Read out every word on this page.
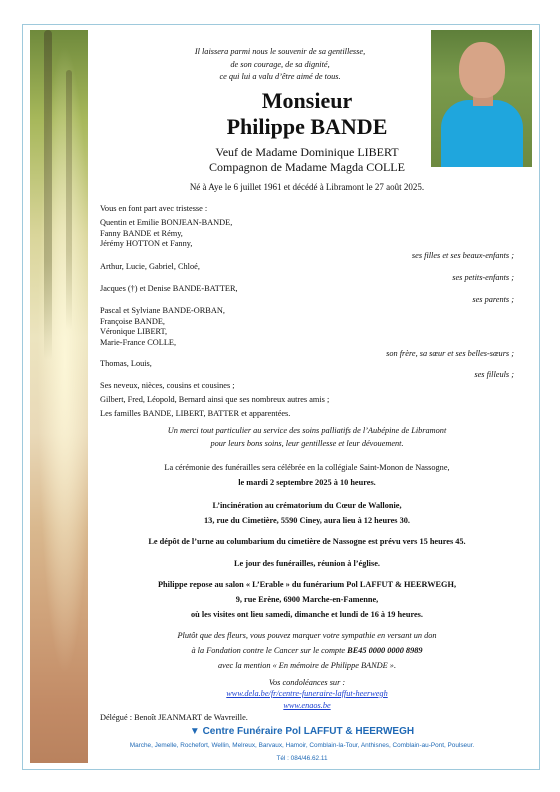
Il laissera parmi nous le souvenir de sa gentillesse,
de son courage, de sa dignité,
ce qui lui a valu d’être aimé de tous.
Monsieur
Philippe BANDE
Veuf de Madame Dominique LIBERT
Compagnon de Madame Magda COLLE
Né à Aye le 6 juillet 1961 et décédé à Libramont le 27 août 2025.
Vous en font part avec tristesse :
Quentin et Emilie BONJEAN-BANDE,
Fanny BANDE et Rémy,
Jérémy HOTTON et Fanny,
ses filles et ses beaux-enfants ;
Arthur, Lucie, Gabriel, Chloé,
ses petits-enfants ;
Jacques (†) et Denise BANDE-BATTER,
ses parents ;
Pascal et Sylviane BANDE-ORBAN,
Françoise BANDE,
Véronique LIBERT,
Marie-France COLLE,
son frère, sa sœur et ses belles-sœurs ;
Thomas, Louis,
ses filleuls ;
Ses neveux, nièces, cousins et cousines ;
Gilbert, Fred, Léopold, Bernard ainsi que ses nombreux autres amis ;
Les familles BANDE, LIBERT, BATTER et apparentées.
Un merci tout particulier au service des soins palliatifs de l’Aubépine de Libramont
pour leurs bons soins, leur gentillesse et leur dévouement.
La cérémonie des funérailles sera célébrée en la collégiale Saint-Monon de Nassogne,
le mardi 2 septembre 2025 à 10 heures.
L’incinération au crématorium du Cœur de Wallonie,
13, rue du Cimetière, 5590 Ciney, aura lieu à 12 heures 30.
Le dépôt de l’urne au columbarium du cimetière de Nassogne est prévu vers 15 heures 45.
Le jour des funérailles, réunion à l’église.
Philippe repose au salon « L’Erable » du funérarium Pol LAFFUT & HEERWEGH,
9, rue Erène, 6900 Marche-en-Famenne,
où les visites ont lieu samedi, dimanche et lundi de 16 à 19 heures.
Plutôt que des fleurs, vous pouvez marquer votre sympathie en versant un don
à la Fondation contre le Cancer sur le compte BE45 0000 0000 8989
avec la mention « En mémoire de Philippe BANDE ».
Vos condoléances sur :
www.dela.be/fr/centre-funeraire-laffut-heerwegh
www.enaos.be
Délégué : Benoît JEANMART de Wavreille.
▼ Centre Funéraire Pol LAFFUT & HEERWEGH
Marche, Jemelle, Rochefort, Wellin, Melreux, Barvaux, Hamoir, Comblain-la-Tour, Anthisnes, Comblain-au-Pont, Poulseur.
Tél : 084/46.62.11
